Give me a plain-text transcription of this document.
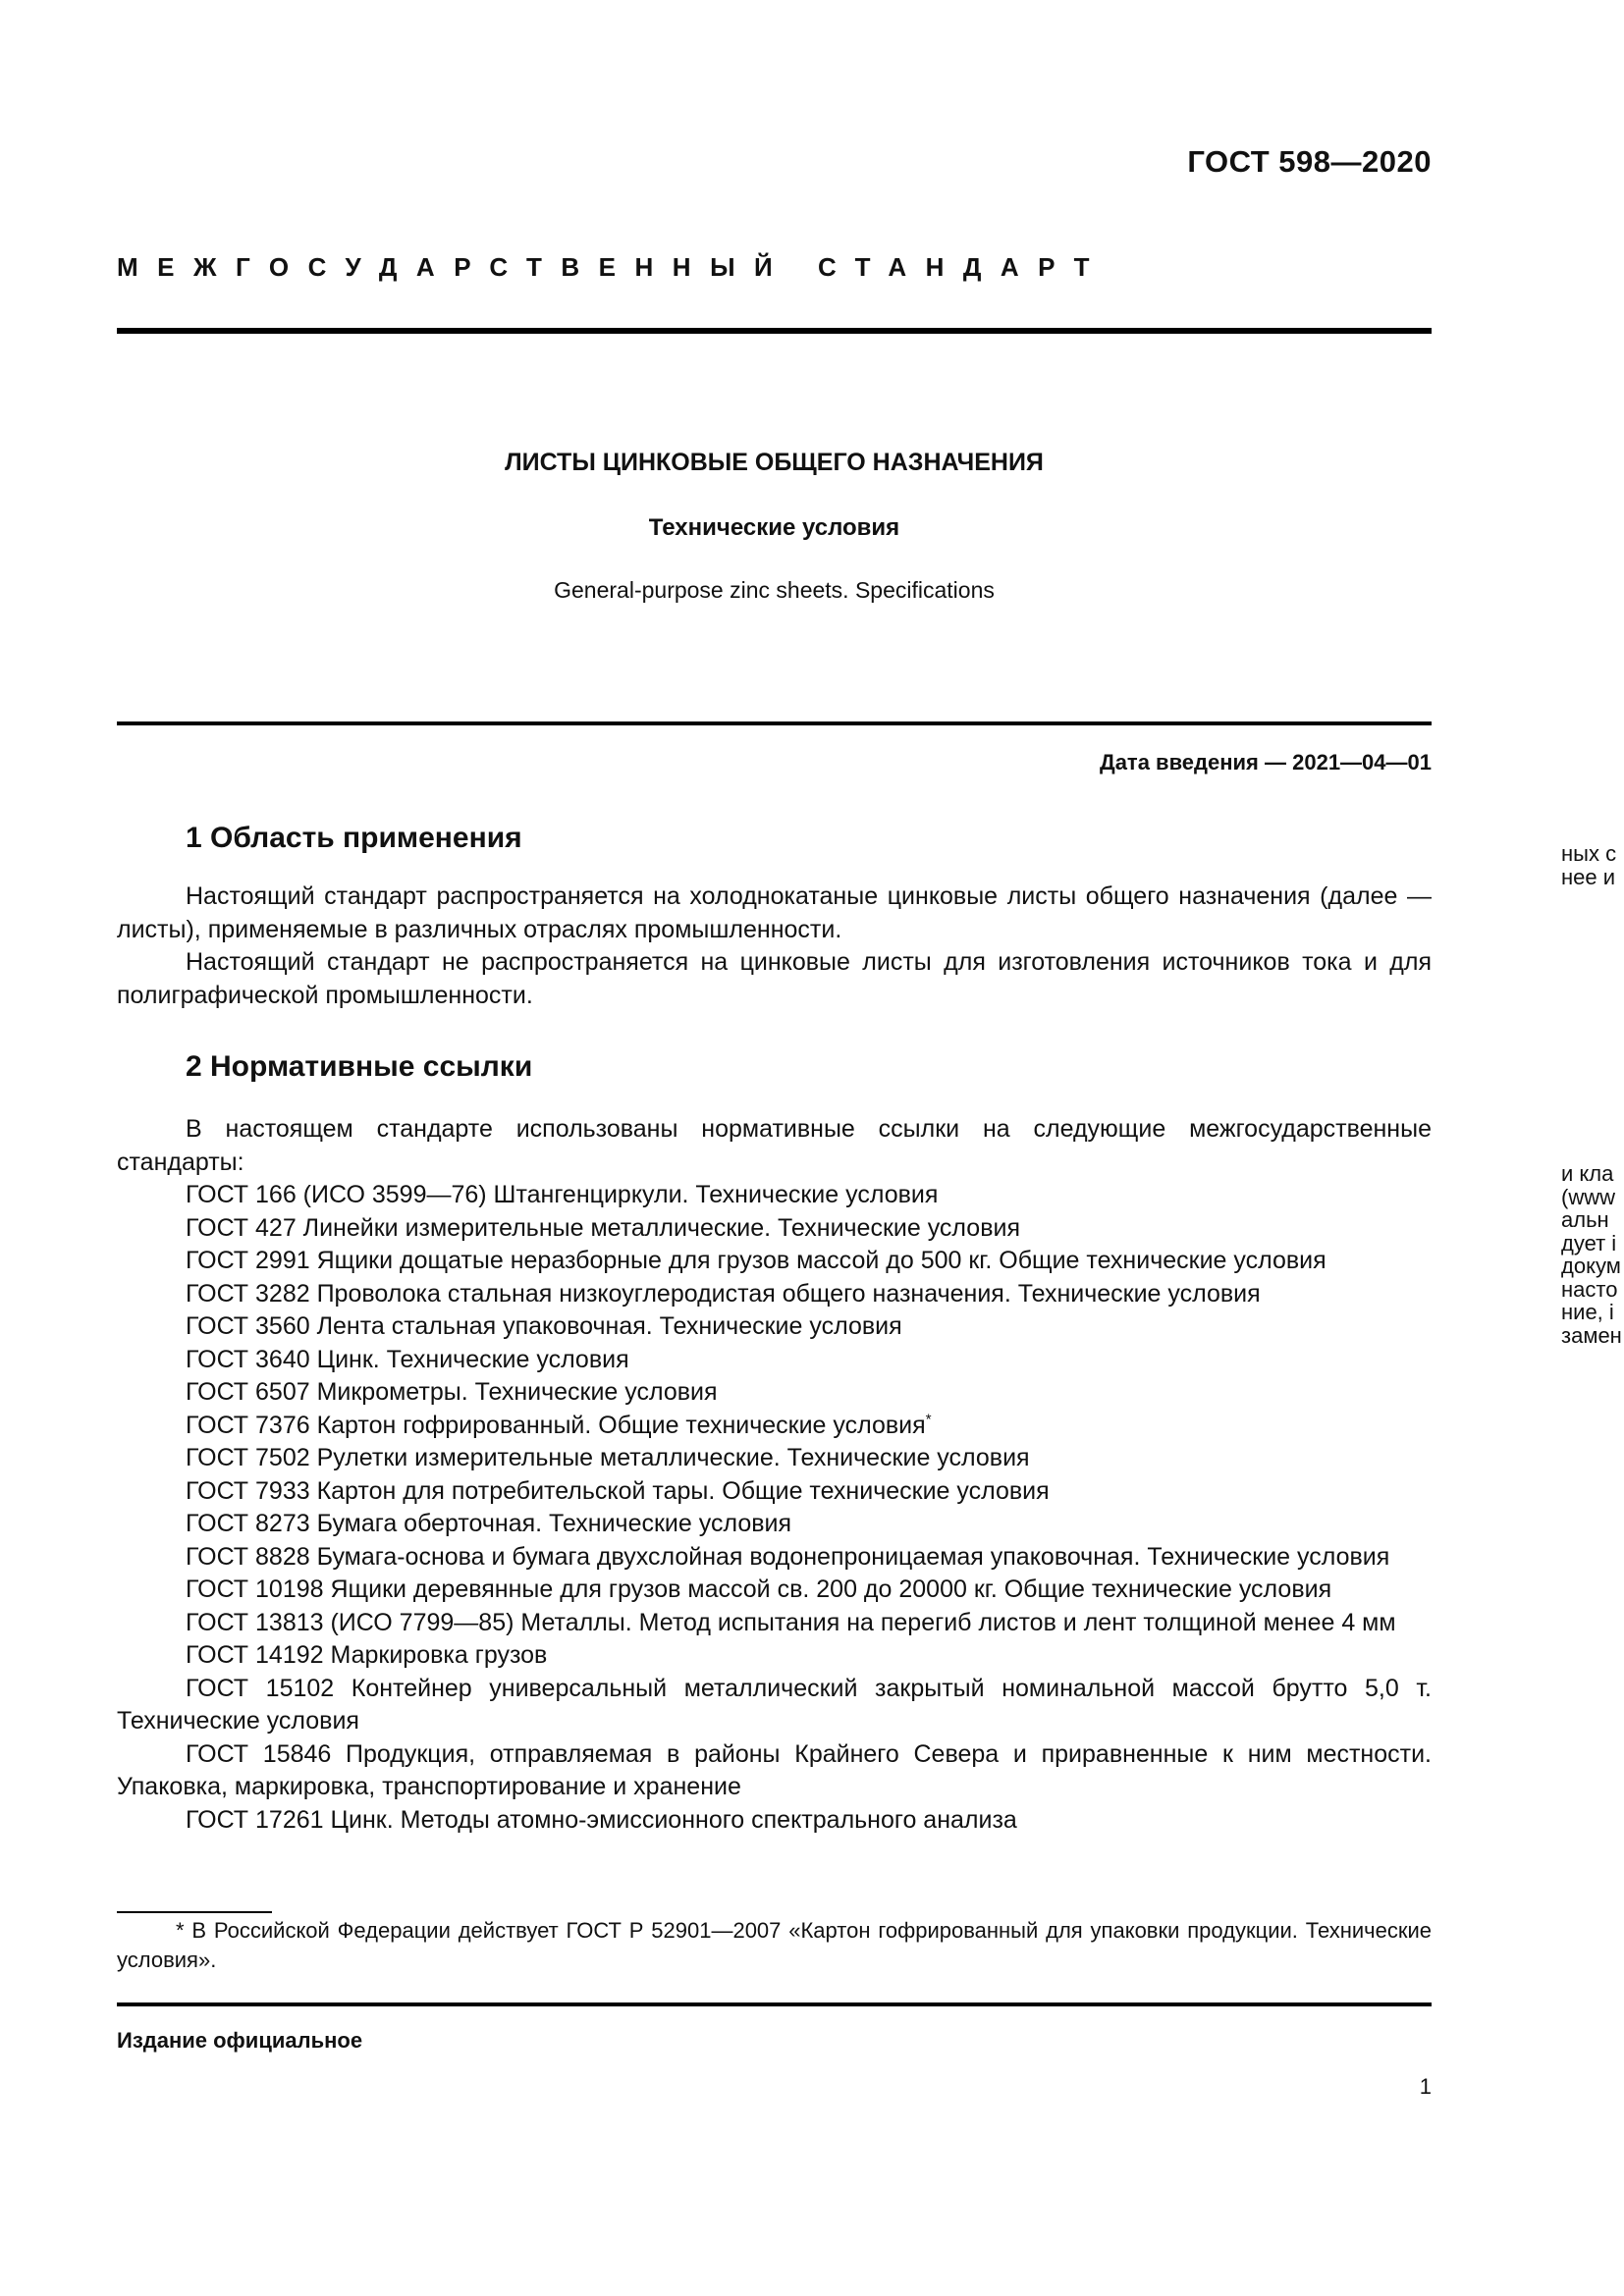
ГОСТ 598—2020
МЕЖГОСУДАРСТВЕННЫЙ СТАНДАРТ
ЛИСТЫ ЦИНКОВЫЕ ОБЩЕГО НАЗНАЧЕНИЯ
Технические условия
General-purpose zinc sheets. Specifications
Дата введения — 2021—04—01
1 Область применения

Настоящий стандарт распространяется на холоднокатаные цинковые листы общего назначения (далее — листы), применяемые в различных отраслях промышленности.

Настоящий стандарт не распространяется на цинковые листы для изготовления источников тока и для полиграфической промышленности.

2 Нормативные ссылки

В настоящем стандарте использованы нормативные ссылки на следующие межгосударственные стандарты:

ГОСТ 166 (ИСО 3599—76) Штангенциркули. Технические условия
ГОСТ 427 Линейки измерительные металлические. Технические условия
ГОСТ 2991 Ящики дощатые неразборные для грузов массой до 500 кг. Общие технические условия
ГОСТ 3282 Проволока стальная низкоуглеродистая общего назначения. Технические условия
ГОСТ 3560 Лента стальная упаковочная. Технические условия
ГОСТ 3640 Цинк. Технические условия
ГОСТ 6507 Микрометры. Технические условия
ГОСТ 7376 Картон гофрированный. Общие технические условия*
ГОСТ 7502 Рулетки измерительные металлические. Технические условия
ГОСТ 7933 Картон для потребительской тары. Общие технические условия
ГОСТ 8273 Бумага оберточная. Технические условия
ГОСТ 8828 Бумага-основа и бумага двухслойная водонепроницаемая упаковочная. Технические условия
ГОСТ 10198 Ящики деревянные для грузов массой св. 200 до 20000 кг. Общие технические условия
ГОСТ 13813 (ИСО 7799—85) Металлы. Метод испытания на перегиб листов и лент толщиной менее 4 мм
ГОСТ 14192 Маркировка грузов
ГОСТ 15102 Контейнер универсальный металлический закрытый номинальной массой брутто 5,0 т. Технические условия
ГОСТ 15846 Продукция, отправляемая в районы Крайнего Севера и приравненные к ним местности. Упаковка, маркировка, транспортирование и хранение
ГОСТ 17261 Цинк. Методы атомно-эмиссионного спектрального анализа

* В Российской Федерации действует ГОСТ Р 52901—2007 «Картон гофрированный для упаковки продукции. Технические условия».

Издание официальное
1
ных с
нее и
и кла
(www
альн
дует і
докум
насто
ние, і
замен
